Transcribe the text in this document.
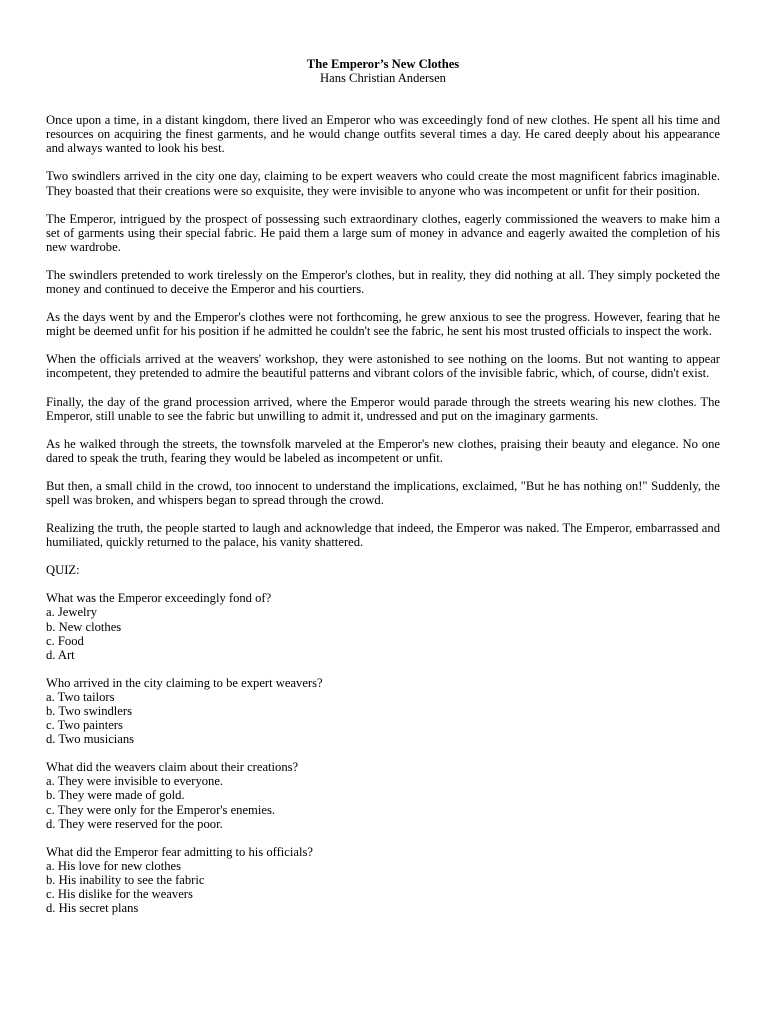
The Emperor’s New Clothes

Hans Christian Andersen

Once upon a time, in a distant kingdom, there lived an Emperor who was exceedingly fond of new clothes. He spent all his time and resources on acquiring the finest garments, and he would change outfits several times a day. He cared deeply about his appearance and always wanted to look his best.

Two swindlers arrived in the city one day, claiming to be expert weavers who could create the most magnificent fabrics imaginable. They boasted that their creations were so exquisite, they were invisible to anyone who was incompetent or unfit for their position.

The Emperor, intrigued by the prospect of possessing such extraordinary clothes, eagerly commissioned the weavers to make him a set of garments using their special fabric. He paid them a large sum of money in advance and eagerly awaited the completion of his new wardrobe.

The swindlers pretended to work tirelessly on the Emperor's clothes, but in reality, they did nothing at all. They simply pocketed the money and continued to deceive the Emperor and his courtiers.

As the days went by and the Emperor's clothes were not forthcoming, he grew anxious to see the progress. However, fearing that he might be deemed unfit for his position if he admitted he couldn't see the fabric, he sent his most trusted officials to inspect the work.

When the officials arrived at the weavers' workshop, they were astonished to see nothing on the looms. But not wanting to appear incompetent, they pretended to admire the beautiful patterns and vibrant colors of the invisible fabric, which, of course, didn't exist.

Finally, the day of the grand procession arrived, where the Emperor would parade through the streets wearing his new clothes. The Emperor, still unable to see the fabric but unwilling to admit it, undressed and put on the imaginary garments.

As he walked through the streets, the townsfolk marveled at the Emperor's new clothes, praising their beauty and elegance. No one dared to speak the truth, fearing they would be labeled as incompetent or unfit.

But then, a small child in the crowd, too innocent to understand the implications, exclaimed, "But he has nothing on!" Suddenly, the spell was broken, and whispers began to spread through the crowd.

Realizing the truth, the people started to laugh and acknowledge that indeed, the Emperor was naked. The Emperor, embarrassed and humiliated, quickly returned to the palace, his vanity shattered.

QUIZ:

What was the Emperor exceedingly fond of?

a. Jewelry

b. New clothes

c. Food

d. Art

Who arrived in the city claiming to be expert weavers?

a. Two tailors

b. Two swindlers

c. Two painters

d. Two musicians

What did the weavers claim about their creations?

a. They were invisible to everyone.

b. They were made of gold.

c. They were only for the Emperor's enemies.

d. They were reserved for the poor.

What did the Emperor fear admitting to his officials?

a. His love for new clothes

b. His inability to see the fabric

c. His dislike for the weavers

d. His secret plans
